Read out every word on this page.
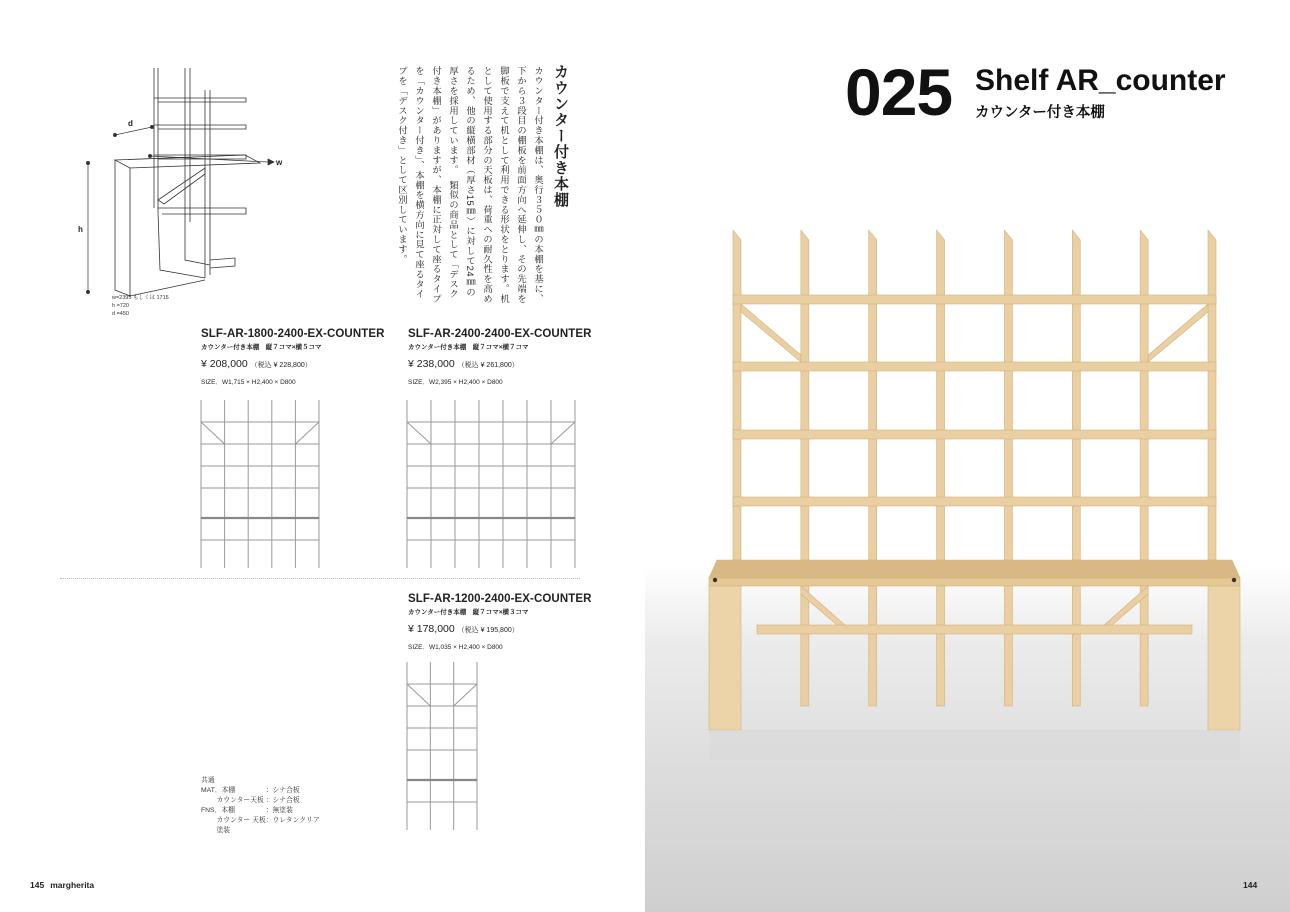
d
h
w
w=2395 もしくは 1715
h =720
d =450
カウンター付き本棚
カウンター付き本棚は、奥行３５０㎜の本棚を基に、下から３段目の棚板を前面方向へ延伸し、その先端を脚板で支えて机として利用できる形状をとります。机として使用する部分の天板は、荷重への耐久性を高めるため、他の縦横部材（厚さ15㎜）に対して24㎜の厚さを採用しています。　類似の商品として「デスク付き本棚」がありますが、本棚に正対して座るタイプを「カウンター付き」、本棚を横方向に見て座るタイプを「デスク付き」として区別しています。
SLF-AR-1800-2400-EX-COUNTER
カウンター付き本棚　縦７コマ×横５コマ
¥ 208,000 （税込 ¥ 228,800）
SIZE．W1,715 × H2,400 × D800
SLF-AR-2400-2400-EX-COUNTER
カウンター付き本棚　縦７コマ×横７コマ
¥ 238,000 （税込 ¥ 261,800）
SIZE．W2,395 × H2,400 × D800
SLF-AR-1200-2400-EX-COUNTER
カウンター付き本棚　縦７コマ×横３コマ
¥ 178,000 （税込 ¥ 195,800）
SIZE．W1,035 × H2,400 × D800
共通
MAT．本棚	：シナ合板
　　 カウンター天板	：シナ合板
FNS．本棚	：無塗装
　　 カウンター 天板	：ウレタンクリア
　　 塗装	
145 margherita
025 Shelf AR_counter
カウンター付き本棚
144
